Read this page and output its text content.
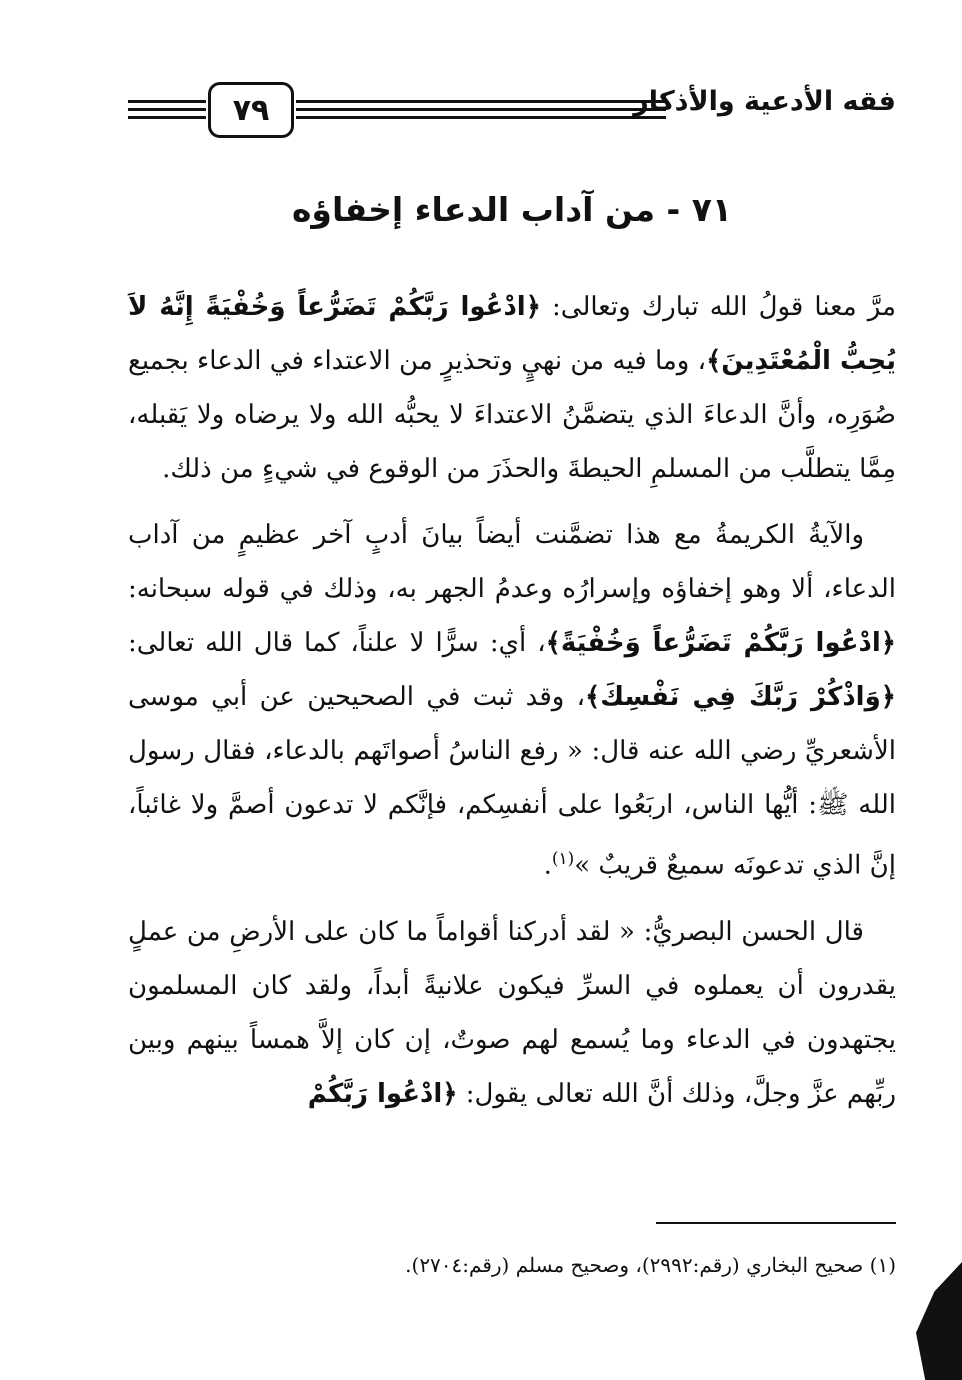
٧٩	فقه الأدعية والأذكار
٧١ - من آداب الدعاء إخفاؤه

مرَّ معنا قولُ الله تبارك وتعالى: ﴿ادْعُوا رَبَّكُمْ تَضَرُّعاً وَخُفْيَةً إِنَّهُ لاَ يُحِبُّ الْمُعْتَدِينَ﴾، وما فيه من نهيٍ وتحذيرٍ من الاعتداء في الدعاء بجميع صُوَرِه، وأنَّ الدعاءَ الذي يتضمَّنُ الاعتداءَ لا يحبُّه الله ولا يرضاه ولا يَقبله، مِمَّا يتطلَّب من المسلمِ الحيطةَ والحذَرَ من الوقوع في شيءٍ من ذلك.

والآيةُ الكريمةُ مع هذا تضمَّنت أيضاً بيانَ أدبٍ آخر عظيمٍ من آداب الدعاء، ألا وهو إخفاؤه وإسرارُه وعدمُ الجهر به، وذلك في قوله سبحانه: ﴿ادْعُوا رَبَّكُمْ تَضَرُّعاً وَخُفْيَةً﴾، أي: سرًّا لا علناً، كما قال الله تعالى: ﴿وَاذْكُرْ رَبَّكَ فِي نَفْسِكَ﴾، وقد ثبت في الصحيحين عن أبي موسى الأشعريِّ رضي الله عنه قال: « رفع الناسُ أصواتَهم بالدعاء، فقال رسول الله ﷺ: أيُّها الناس، اربَعُوا على أنفسِكم، فإنَّكم لا تدعون أصمَّ ولا غائباً، إنَّ الذي تدعونَه سميعٌ قريبٌ »$^{(١)}$.

قال الحسن البصريُّ: « لقد أدركنا أقواماً ما كان على الأرضِ من عملٍ يقدرون أن يعملوه في السرِّ فيكون علانيةً أبداً، ولقد كان المسلمون يجتهدون في الدعاء وما يُسمع لهم صوتٌ، إن كان إلاَّ همساً بينهم وبين ربِّهم عزَّ وجلَّ، وذلك أنَّ الله تعالى يقول: ﴿ادْعُوا رَبَّكُمْ

(١) صحيح البخاري (رقم:٢٩٩٢)، وصحيح مسلم (رقم:٢٧٠٤).
